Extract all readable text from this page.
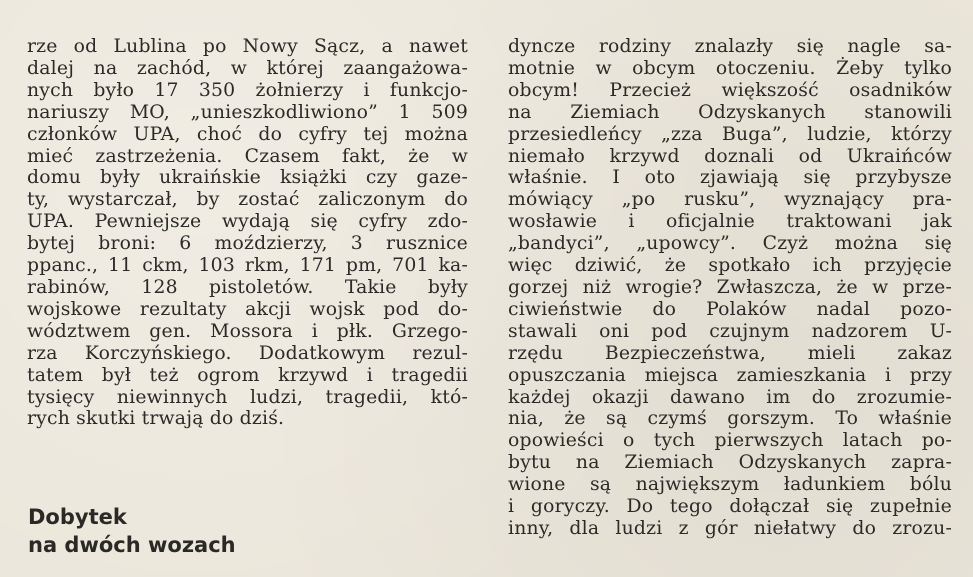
rze od Lublina po Nowy Sącz, a nawet
dalej na zachód, w której zaangażowa-
nych było 17 350 żołnierzy i funkcjo-
nariuszy MO, „unieszkodliwiono” 1 509
członków UPA, choć do cyfry tej można
mieć zastrzeżenia. Czasem fakt, że w
domu były ukraińskie książki czy gaze-
ty, wystarczał, by zostać zaliczonym do
UPA. Pewniejsze wydają się cyfry zdo-
bytej broni: 6 moździerzy, 3 rusznice
ppanc., 11 ckm, 103 rkm, 171 pm, 701 ka-
rabinów, 128 pistoletów. Takie były
wojskowe rezultaty akcji wojsk pod do-
wództwem gen. Mossora i płk. Grzego-
rza Korczyńskiego. Dodatkowym rezul-
tatem był też ogrom krzywd i tragedii
tysięcy niewinnych ludzi, tragedii, któ-
rych skutki trwają do dziś.
Dobytek
na dwóch wozach
dyncze rodziny znalazły się nagle sa-
motnie w obcym otoczeniu. Żeby tylko
obcym! Przecież większość osadników
na Ziemiach Odzyskanych stanowili
przesiedleńcy „zza Buga”, ludzie, którzy
niemało krzywd doznali od Ukraińców
właśnie. I oto zjawiają się przybysze
mówiący „po rusku”, wyznający pra-
wosławie i oficjalnie traktowani jak
„bandyci”, „upowcy”. Czyż można się
więc dziwić, że spotkało ich przyjęcie
gorzej niż wrogie? Zwłaszcza, że w prze-
ciwieństwie do Polaków nadal pozo-
stawali oni pod czujnym nadzorem U-
rzędu Bezpieczeństwa, mieli zakaz
opuszczania miejsca zamieszkania i przy
każdej okazji dawano im do zrozumie-
nia, że są czymś gorszym. To właśnie
opowieści o tych pierwszych latach po-
bytu na Ziemiach Odzyskanych zapra-
wione są największym ładunkiem bólu
i goryczy. Do tego dołączał się zupełnie
inny, dla ludzi z gór niełatwy do zrozu-
